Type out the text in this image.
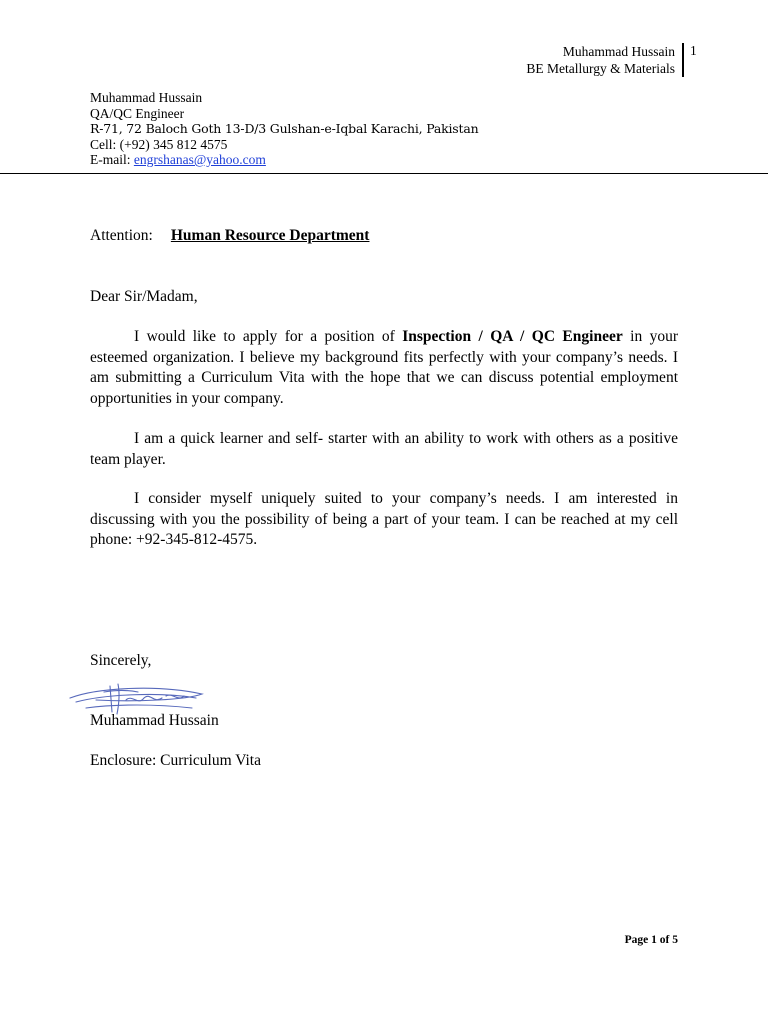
Muhammad Hussain
BE Metallurgy & Materials
1
Muhammad Hussain
QA/QC Engineer
R-71, 72 Baloch Goth 13-D/3 Gulshan-e-Iqbal Karachi, Pakistan
Cell: (+92) 345 812 4575
E-mail: engrshanas@yahoo.com
Attention: Human Resource Department
Dear Sir/Madam,

I would like to apply for a position of Inspection / QA / QC Engineer in your esteemed organization. I believe my background fits perfectly with your company’s needs. I am submitting a Curriculum Vita with the hope that we can discuss potential employment opportunities in your company.

I am a quick learner and self- starter with an ability to work with others as a positive team player.

I consider myself uniquely suited to your company’s needs. I am interested in discussing with you the possibility of being a part of your team. I can be reached at my cell phone: +92-345-812-4575.

Sincerely,
Muhammad Hussain
Enclosure: Curriculum Vita
Page 1 of 5
